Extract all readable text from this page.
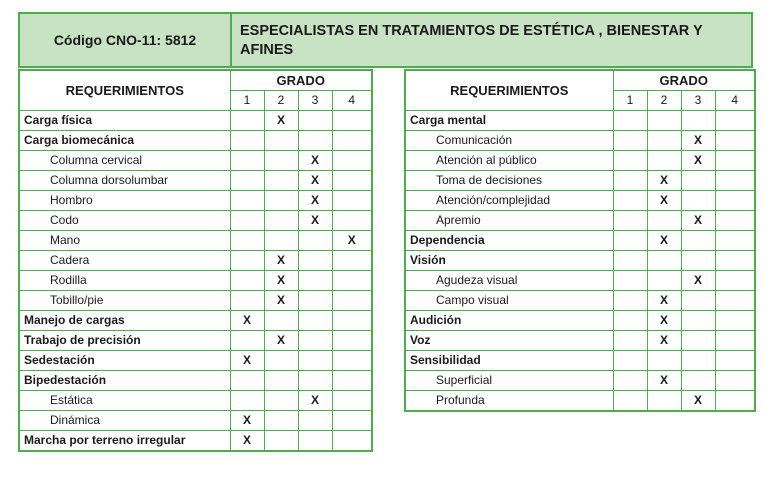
Código CNO-11: 5812
ESPECIALISTAS EN TRATAMIENTOS DE ESTÉTICA , BIENESTAR Y AFINES
REQUERIMIENTOS	GRADO			
	1	2	3	4
Carga física		X		
Carga biomecánica				
Columna cervical			X	
Columna dorsolumbar			X	
Hombro			X	
Codo			X	
Mano				X
Cadera		X		
Rodilla		X		
Tobillo/pie		X		
Manejo de cargas	X			
Trabajo de precisión		X		
Sedestación	X			
Bipedestación				
Estática			X	
Dinámica	X			
Marcha por terreno irregular	X			
REQUERIMIENTOS	GRADO			
	1	2	3	4
Carga mental				
Comunicación			X	
Atención al público			X	
Toma de decisiones		X		
Atención/complejidad		X		
Apremio			X	
Dependencia		X		
Visión				
Agudeza visual			X	
Campo visual		X		
Audición		X		
Voz		X		
Sensibilidad				
Superficial		X		
Profunda			X	
